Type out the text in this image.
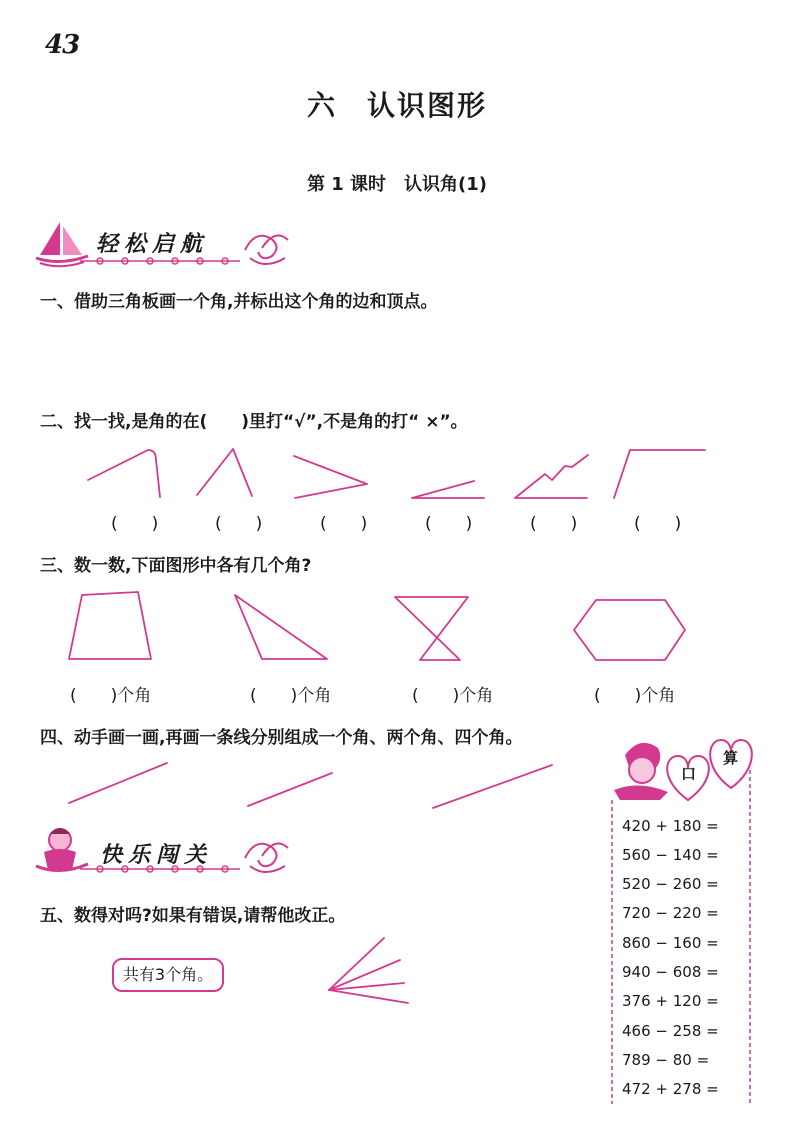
43
六　认识图形
第 1 课时　认识角(1)
轻松启航
快乐闯关
一、借助三角板画一个角,并标出这个角的边和顶点。
二、找一找,是角的在(　　)里打“√”,不是角的打“ ×”。
(　　)	(　　)	(　　)	(　　)	(　　)	(　　)
三、数一数,下面图形中各有几个角?
(　　)个角	(　　)个角	(　　)个角	(　　)个角
四、动手画一画,再画一条线分别组成一个角、两个角、四个角。
五、数得对吗?如果有错误,请帮他改正。
共有3个角。
口
算
420 + 180 =
560 − 140 =
520 − 260 =
720 − 220 =
860 − 160 =
940 − 608 =
376 + 120 =
466 − 258 =
789 − 80 =
472 + 278 =
